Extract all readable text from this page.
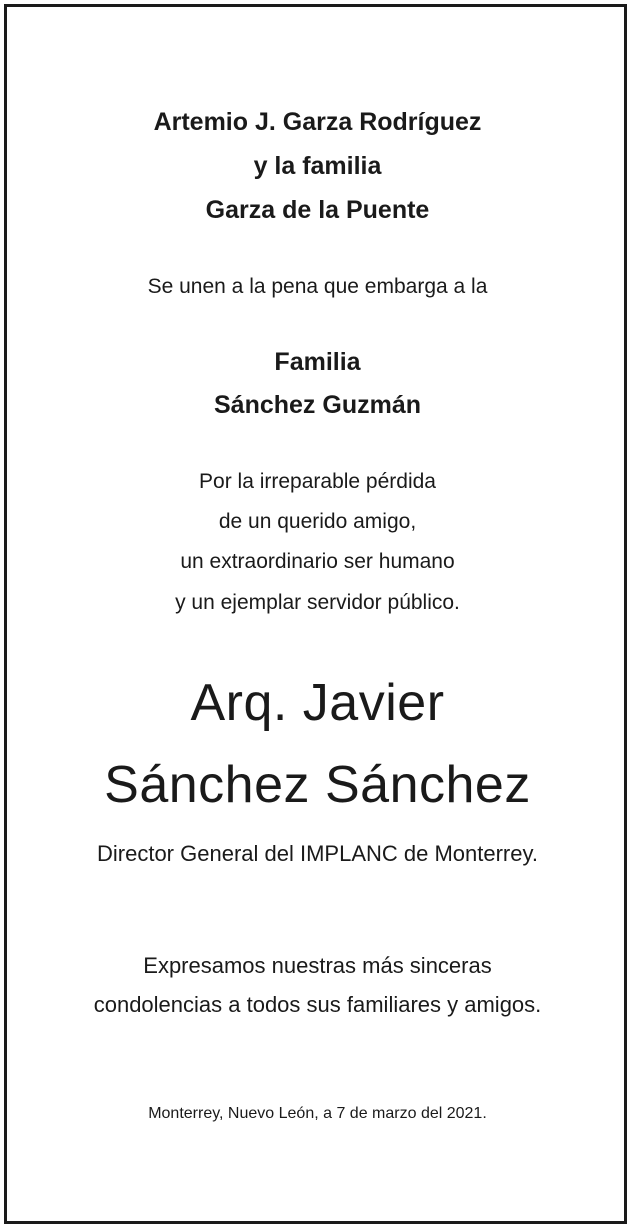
Artemio J. Garza Rodríguez
y la familia
Garza de la Puente
Se unen a la pena que embarga a la
Familia
Sánchez Guzmán
Por la irreparable pérdida
de un querido amigo,
un extraordinario ser humano
y un ejemplar servidor público.
Arq. Javier
Sánchez Sánchez
Director General del IMPLANC de Monterrey.
Expresamos nuestras más sinceras
condolencias a todos sus familiares y amigos.
Monterrey, Nuevo León, a 7 de marzo del 2021.
